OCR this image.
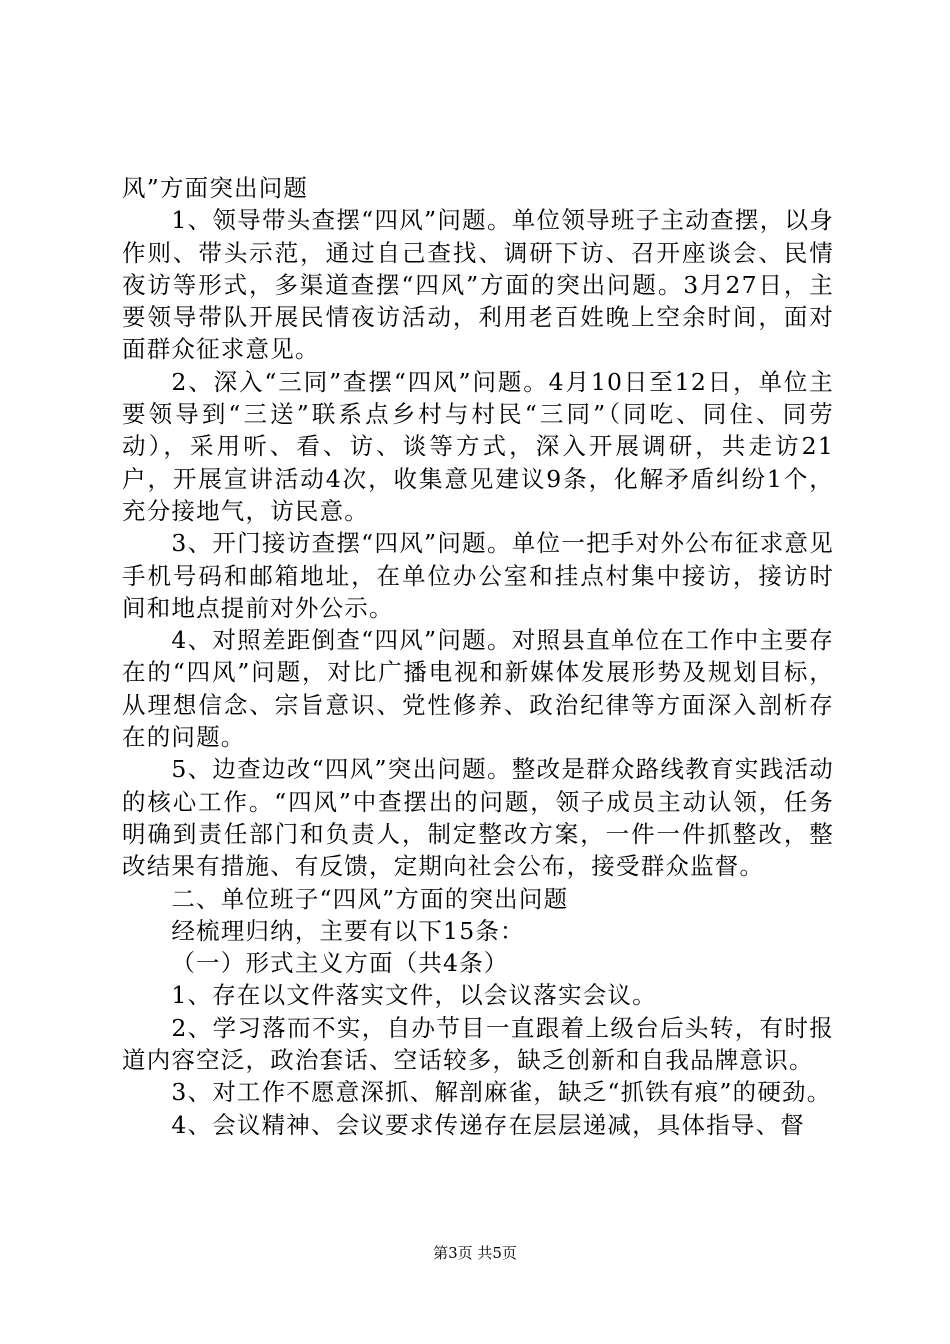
风”方面突出问题

1、领导带头查摆“四风”问题。单位领导班子主动查摆，以身作则、带头示范，通过自己查找、调研下访、召开座谈会、民情夜访等形式，多渠道查摆“四风”方面的突出问题。3月27日，主要领导带队开展民情夜访活动，利用老百姓晚上空余时间，面对面群众征求意见。

2、深入“三同”查摆“四风”问题。4月10日至12日，单位主要领导到“三送”联系点乡村与村民“三同”（同吃、同住、同劳动），采用听、看、访、谈等方式，深入开展调研，共走访21户，开展宣讲活动4次，收集意见建议9条，化解矛盾纠纷1个，充分接地气，访民意。

3、开门接访查摆“四风”问题。单位一把手对外公布征求意见手机号码和邮箱地址，在单位办公室和挂点村集中接访，接访时间和地点提前对外公示。

4、对照差距倒查“四风”问题。对照县直单位在工作中主要存在的“四风”问题，对比广播电视和新媒体发展形势及规划目标，从理想信念、宗旨意识、党性修养、政治纪律等方面深入剖析存在的问题。

5、边查边改“四风”突出问题。整改是群众路线教育实践活动的核心工作。“四风”中查摆出的问题，领子成员主动认领，任务明确到责任部门和负责人，制定整改方案，一件一件抓整改，整改结果有措施、有反馈，定期向社会公布，接受群众监督。

二、单位班子“四风”方面的突出问题

经梳理归纳，主要有以下15条：

（一）形式主义方面（共4条）

1、存在以文件落实文件，以会议落实会议。

2、学习落而不实，自办节目一直跟着上级台后头转，有时报道内容空泛，政治套话、空话较多，缺乏创新和自我品牌意识。

3、对工作不愿意深抓、解剖麻雀，缺乏“抓铁有痕”的硬劲。

4、会议精神、会议要求传递存在层层递减，具体指导、督

第3页 共5页
